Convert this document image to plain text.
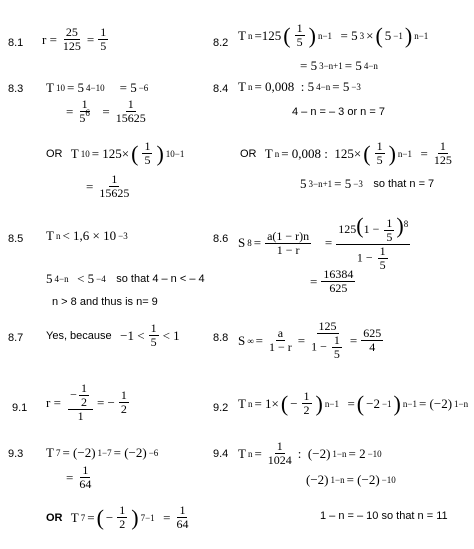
8.1 $r = \frac{25}{125} = \frac{1}{5}$	8.2
T n =125 ( $\frac{1}{5}$ ) n−1 = 5 3 × ( 5 −1 ) n−1
= 5 3−n+1 = 5 4−n
8.3 T 10 = 5 4−10 = 5 −6
= $\frac{1}{5^6} = \frac{1}{15625}$
OR T 10 = 125× ( $\frac{1}{5}$ ) 10−1
= $\frac{1}{15625}$
8.4 T n = 0,008  : 5 4−n = 5 −3
4 – n = – 3 or n = 7
OR T n = 0,008 :  125× ( $\frac{1}{5}$ ) $n-1 = \frac{1}{125}$
5 3−n+1 = 5 −3
so that n = 7
8.5 T n < 1,6 × 10 −3
5 4−n < 5 −4
so that 4 – n < – 4
n > 8 and thus is n= 9
8.6 S $8 = \frac{a(1 - r)n}{1 - r} = \frac{125(1 - \frac{1}{5} )^8}{1 - \frac{1}{5}}$
= $\frac{16384}{625}$
8.7 Yes, because $-1 < \frac{1}{5} < 1$	8.8 S ∞ = $\frac{a}{1 - r} = \frac{125}{1 - \frac{1}{5}} = \frac{625}{4}$
9.1 $r = \frac{- \frac{1}{2}}{1}$ = − $\frac{1}{2}$	9.2 T n = 1× ( − $\frac{1}{2}$ ) n−1 = ( −2 −1 ) n−1 = (−2) 1−n
9.3 T 7 = (−2) 1−7 = (−2) −6
= $\frac{1}{64}$
OR T 7 = ( − $\frac{1}{2}$ ) $7-1 = \frac{1}{64}$
9.4 T $n = \frac{1}{1024}$ :  (−2) 1−n = 2 −10
(−2) 1−n = (−2) −10
1 – n = – 10 so that n = 11
